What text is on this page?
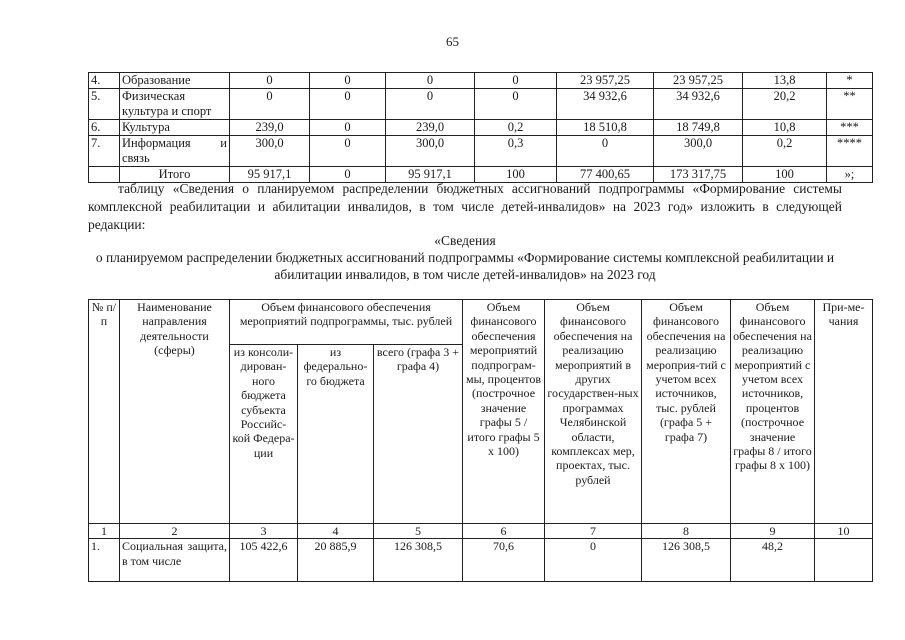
65
4.	Образование	0	0	0	0	23 957,25	23 957,25	13,8	*
5.	Физическая культура и спорт	0	0	0	0	34 932,6	34 932,6	20,2	**
6.	Культура	239,0	0	239,0	0,2	18 510,8	18 749,8	10,8	***
7.	Информация и связь	300,0	0	300,0	0,3	0	300,0	0,2	****
	Итого	95 917,1	0	95 917,1	100	77 400,65	173 317,75	100	»;
таблицу «Сведения о планируемом распределении бюджетных ассигнований подпрограммы «Формирование системы комплексной реабилитации и абилитации инвалидов, в том числе детей-инвалидов» на 2023 год» изложить в следующей редакции:
«Сведения
о планируемом распределении бюджетных ассигнований подпрограммы «Формирование системы комплексной реабилитации и абилитации инвалидов, в том числе детей-инвалидов» на 2023 год
№ п/п	Наименование направления деятельности (сферы)	Объем финансового обеспечения мероприятий подпрограммы, тыс. рублей			Объем финансового обеспечения мероприятий подпрограм-мы, процентов (построчное значение графы 5 / итого графы 5 х 100)	Объем финансового обеспечения на реализацию мероприятий в других государствен-ных программах Челябинской области, комплексах мер, проектах, тыс. рублей	Объем финансового обеспечения на реализацию мероприя-тий с учетом всех источников, тыс. рублей (графа 5 + графа 7)	Объем финансового обеспечения на реализацию мероприятий с учетом всех источников, процентов (построчное значение графы 8 / итого графы 8 х 100)	При-ме-чания
		из консоли-дирован-ного бюджета субъекта Российс-кой Федера-ции	из федерально-го бюджета	всего (графа 3 + графа 4)					
1	2	3	4	5	6	7	8	9	10
1.	Социальная защита, в том числе	105 422,6	20 885,9	126 308,5	70,6	0	126 308,5	48,2	
